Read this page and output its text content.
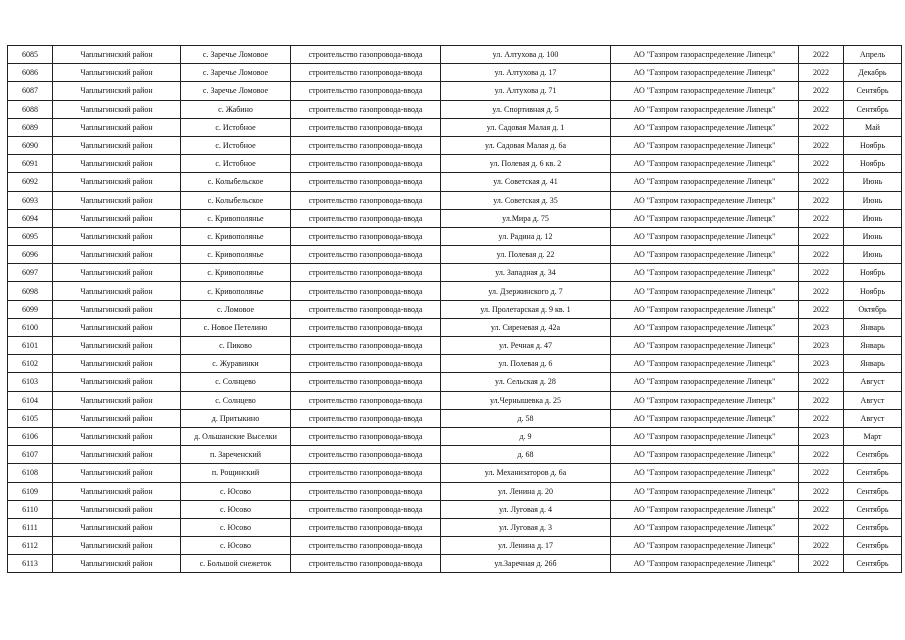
6085	Чаплыгинский район	с. Заречье Ломовое	строительство газопровода-ввода	ул. Алтухова д. 100	АО "Газпром газораспределение Липецк"	2022	Апрель
6086	Чаплыгинский район	с. Заречье Ломовое	строительство газопровода-ввода	ул. Алтухова д. 17	АО "Газпром газораспределение Липецк"	2022	Декабрь
6087	Чаплыгинский район	с. Заречье Ломовое	строительство газопровода-ввода	ул. Алтухова д. 71	АО "Газпром газораспределение Липецк"	2022	Сентябрь
6088	Чаплыгинский район	с. Жабино	строительство газопровода-ввода	ул. Спортивная д. 5	АО "Газпром газораспределение Липецк"	2022	Сентябрь
6089	Чаплыгинский район	с. Истобное	строительство газопровода-ввода	ул. Садовая Малая д. 1	АО "Газпром газораспределение Липецк"	2022	Май
6090	Чаплыгинский район	с. Истобное	строительство газопровода-ввода	ул. Садовая Малая д. 6а	АО "Газпром газораспределение Липецк"	2022	Ноябрь
6091	Чаплыгинский район	с. Истобное	строительство газопровода-ввода	ул. Полевая д. 6 кв. 2	АО "Газпром газораспределение Липецк"	2022	Ноябрь
6092	Чаплыгинский район	с. Колыбельское	строительство газопровода-ввода	ул. Советская д. 41	АО "Газпром газораспределение Липецк"	2022	Июнь
6093	Чаплыгинский район	с. Колыбельское	строительство газопровода-ввода	ул. Советская д. 35	АО "Газпром газораспределение Липецк"	2022	Июнь
6094	Чаплыгинский район	с. Кривополянье	строительство газопровода-ввода	ул.Мира д. 75	АО "Газпром газораспределение Липецк"	2022	Июнь
6095	Чаплыгинский район	с. Кривополянье	строительство газопровода-ввода	ул. Радина д. 12	АО "Газпром газораспределение Липецк"	2022	Июнь
6096	Чаплыгинский район	с. Кривополянье	строительство газопровода-ввода	ул. Полевая д. 22	АО "Газпром газораспределение Липецк"	2022	Июнь
6097	Чаплыгинский район	с. Кривополянье	строительство газопровода-ввода	ул. Западная д. 34	АО "Газпром газораспределение Липецк"	2022	Ноябрь
6098	Чаплыгинский район	с. Кривополянье	строительство газопровода-ввода	ул. Дзержинского д. 7	АО "Газпром газораспределение Липецк"	2022	Ноябрь
6099	Чаплыгинский район	с. Ломовое	строительство газопровода-ввода	ул. Пролетарская д. 9 кв. 1	АО "Газпром газораспределение Липецк"	2022	Октябрь
6100	Чаплыгинский район	с. Новое Петелино	строительство газопровода-ввода	ул. Сиреневая д. 42а	АО "Газпром газораспределение Липецк"	2023	Январь
6101	Чаплыгинский район	с. Пиково	строительство газопровода-ввода	ул. Речная д. 47	АО "Газпром газораспределение Липецк"	2023	Январь
6102	Чаплыгинский район	с. Журавинки	строительство газопровода-ввода	ул. Полевая д. 6	АО "Газпром газораспределение Липецк"	2023	Январь
6103	Чаплыгинский район	с. Солнцево	строительство газопровода-ввода	ул. Сельская д. 28	АО "Газпром газораспределение Липецк"	2022	Август
6104	Чаплыгинский район	с. Солнцево	строительство газопровода-ввода	ул.Чернышевка д. 25	АО "Газпром газораспределение Липецк"	2022	Август
6105	Чаплыгинский район	д. Притыкино	строительство газопровода-ввода	д. 58	АО "Газпром газораспределение Липецк"	2022	Август
6106	Чаплыгинский район	д. Ольшанские Выселки	строительство газопровода-ввода	д. 9	АО "Газпром газораспределение Липецк"	2023	Март
6107	Чаплыгинский район	п. Зареченский	строительство газопровода-ввода	д. 68	АО "Газпром газораспределение Липецк"	2022	Сентябрь
6108	Чаплыгинский район	п. Рощинский	строительство газопровода-ввода	ул. Механизаторов д. 6а	АО "Газпром газораспределение Липецк"	2022	Сентябрь
6109	Чаплыгинский район	с. Юсово	строительство газопровода-ввода	ул. Ленина д. 20	АО "Газпром газораспределение Липецк"	2022	Сентябрь
6110	Чаплыгинский район	с. Юсово	строительство газопровода-ввода	ул. Луговая д. 4	АО "Газпром газораспределение Липецк"	2022	Сентябрь
6111	Чаплыгинский район	с. Юсово	строительство газопровода-ввода	ул. Луговая д. 3	АО "Газпром газораспределение Липецк"	2022	Сентябрь
6112	Чаплыгинский район	с. Юсово	строительство газопровода-ввода	ул. Ленина д. 17	АО "Газпром газораспределение Липецк"	2022	Сентябрь
6113	Чаплыгинский район	с. Большой снежеток	строительство газопровода-ввода	ул.Заречная д. 26б	АО "Газпром газораспределение Липецк"	2022	Сентябрь
